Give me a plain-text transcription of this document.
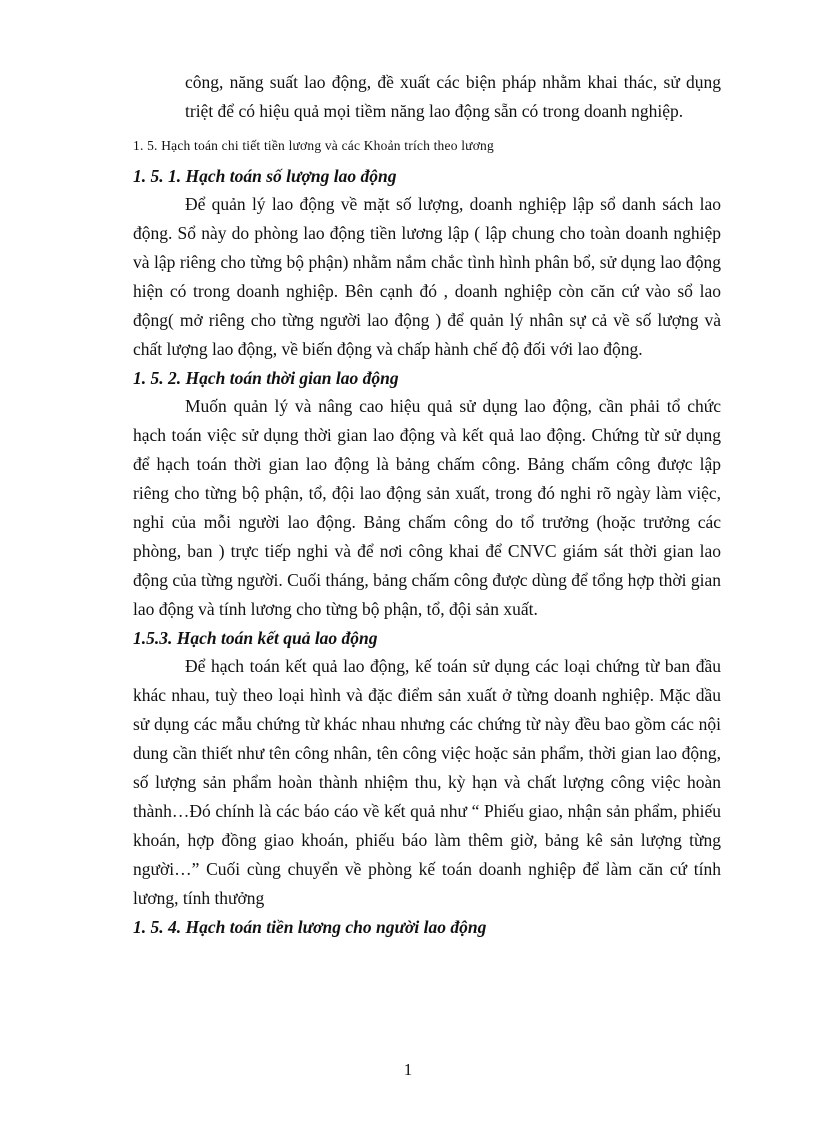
công, năng suất lao động, đề xuất các biện pháp nhằm khai thác, sử dụng triệt để có hiệu quả mọi tiềm năng lao động sẵn có trong doanh nghiệp.

1. 5. Hạch toán chi tiết tiền lương và các Khoản trích theo lương
1. 5. 1. Hạch toán số lượng lao động

Để quản lý lao động về mặt số lượng, doanh nghiệp lập sổ danh sách lao động. Sổ này do phòng lao động tiền lương lập ( lập chung cho toàn doanh nghiệp và lập riêng cho từng bộ phận) nhằm nắm chắc tình hình phân bổ, sử dụng lao động hiện có trong doanh nghiệp. Bên cạnh đó , doanh nghiệp còn căn cứ vào sổ lao động( mở riêng cho từng người lao động ) để quản lý nhân sự cả về số lượng và chất lượng lao động, về biến động và chấp hành chế độ đối với lao động.

1. 5. 2. Hạch toán thời gian lao động

Muốn quản lý và nâng cao hiệu quả sử dụng lao động, cần phải tổ chức hạch toán việc sử dụng thời gian lao động và kết quả lao động. Chứng từ sử dụng để hạch toán thời gian lao động là bảng chấm công. Bảng chấm công được lập riêng cho từng bộ phận, tổ, đội lao động sản xuất, trong đó nghi rõ ngày làm việc, nghỉ của mỗi người lao động. Bảng chấm công do tổ trưởng (hoặc trưởng các phòng, ban ) trực tiếp nghi và để nơi công khai để CNVC giám sát thời gian lao động của từng người. Cuối tháng, bảng chấm công được dùng để tổng hợp thời gian lao động và tính lương cho từng bộ phận, tổ, đội sản xuất.

1.5.3. Hạch toán kết quả lao động

Để hạch toán kết quả lao động, kế toán sử dụng các loại chứng từ ban đầu khác nhau, tuỳ theo loại hình và đặc điểm sản xuất ở từng doanh nghiệp. Mặc dầu sử dụng các mẫu chứng từ khác nhau nhưng các chứng từ này đều bao gồm các nội dung cần thiết như tên công nhân, tên công việc hoặc sản phẩm, thời gian lao động, số lượng sản phẩm hoàn thành nhiệm thu, kỳ hạn và chất lượng công việc hoàn thành…Đó chính là các báo cáo về kết quả như “ Phiếu giao, nhận sản phẩm, phiếu khoán, hợp đồng giao khoán, phiếu báo làm thêm giờ, bảng kê sản lượng từng người…” Cuối cùng chuyển về phòng kế toán doanh nghiệp để làm căn cứ tính lương, tính thưởng

1. 5. 4. Hạch toán tiền lương cho người lao động
1
